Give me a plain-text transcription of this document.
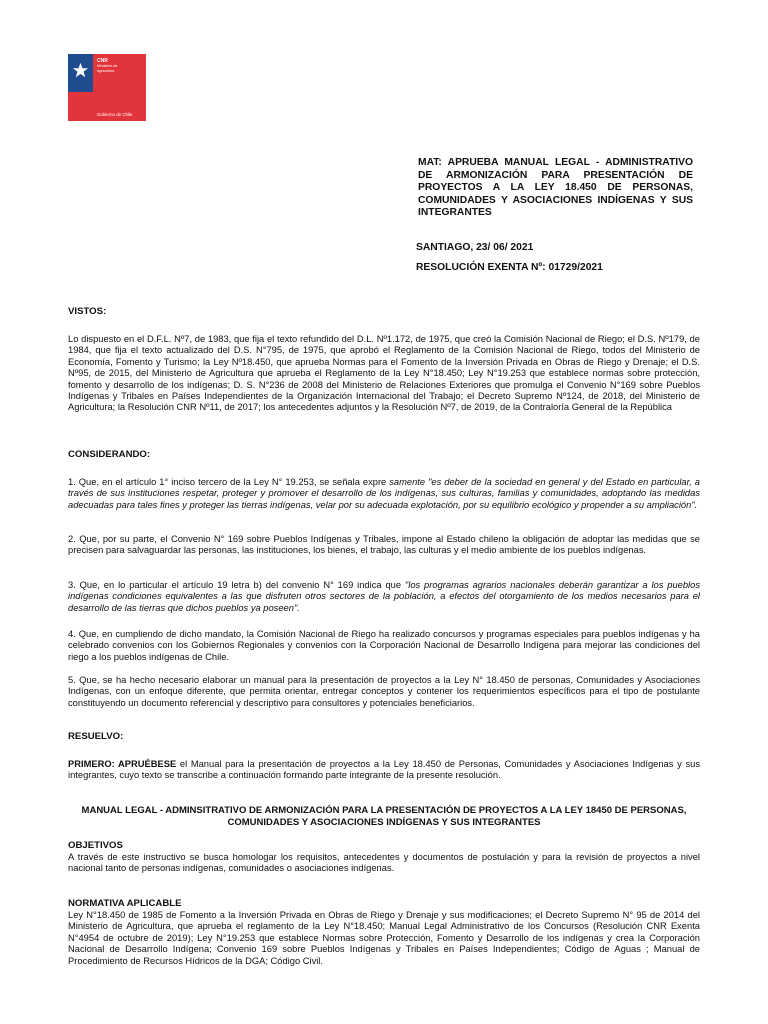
CNR
Ministerio de Agricultura
Gobierno de Chile
MAT: APRUEBA MANUAL LEGAL - ADMINISTRATIVO DE ARMONIZACIÓN PARA PRESENTACIÓN DE PROYECTOS A LA LEY 18.450 DE PERSONAS, COMUNIDADES Y ASOCIACIONES INDÍGENAS Y SUS INTEGRANTES
SANTIAGO, 23/ 06/ 2021
RESOLUCIÓN EXENTA Nº: 01729/2021
VISTOS:
Lo dispuesto en el D.F.L. Nº7, de 1983, que fija el texto refundido del D.L. Nº1.172, de 1975, que creó la Comisión Nacional de Riego; el D.S. Nº179, de 1984, que fija el texto actualizado del D.S. N°795, de 1975, que aprobó el Reglamento de la Comisión Nacional de Riego, todos del Ministerio de Economía, Fomento y Turismo; la Ley Nº18.450, que aprueba Normas para el Fomento de la Inversión Privada en Obras de Riego y Drenaje; el D.S. Nº95, de 2015, del Ministerio de Agricultura que aprueba el Reglamento de la Ley N°18.450; Ley N°19.253 que establece normas sobre protección, fomento y desarrollo de los indígenas; D. S. N°236 de 2008 del Ministerio de Relaciones Exteriores que promulga el Convenio N°169 sobre Pueblos Indígenas y Tribales en Países Independientes de la Organización Internacional del Trabajo; el Decreto Supremo Nº124, de 2018, del Ministerio de Agricultura; la Resolución CNR Nº11, de 2017; los antecedentes adjuntos y la Resolución Nº7, de 2019, de la Contraloría General de la República
CONSIDERANDO:
1. Que, en el artículo 1° inciso tercero de la Ley N° 19.253, se señala expre samente "es deber de la sociedad en general y del Estado en particular, a través de sus instituciones respetar, proteger y promover el desarrollo de los indígenas, sus culturas, familias y comunidades, adoptando las medidas adecuadas para tales fines y proteger las tierras indígenas, velar por su adecuada explotación, por su equilibrio ecológico y propender a su ampliación".
2. Que, por su parte, el Convenio N° 169 sobre Pueblos Indígenas y Tribales, impone al Estado chileno la obligación de adoptar las medidas que se precisen para salvaguardar las personas, las instituciones, los bienes, el trabajo, las culturas y el medio ambiente de los pueblos indígenas.
3. Que, en lo particular el artículo 19 letra b) del convenio N° 169 indica que "los programas agrarios nacionales deberán garantizar a los pueblos indígenas condiciones equivalentes a las que disfruten otros sectores de la población, a efectos del otorgamiento de los medios necesarios para el desarrollo de las tierras que dichos pueblos ya poseen".
4. Que, en cumpliendo de dicho mandato, la Comisión Nacional de Riego ha realizado concursos y programas especiales para pueblos indígenas y ha celebrado convenios con los Gobiernos Regionales y convenios con la Corporación Nacional de Desarrollo Indígena para mejorar las condiciones del riego a los pueblos indígenas de Chile.
5. Que, se ha hecho necesario elaborar un manual para la presentación de proyectos a la Ley N° 18.450 de personas, Comunidades y Asociaciones Indígenas, con un enfoque diferente, que permita orientar, entregar conceptos y contener los requerimientos específicos para el tipo de postulante constituyendo un documento referencial y descriptivo para consultores y potenciales beneficiarios.
RESUELVO:
PRIMERO: APRUÉBESE el Manual para la presentación de proyectos a la Ley 18.450 de Personas, Comunidades y Asociaciones Indígenas y sus integrantes, cuyo texto se transcribe a continuación formando parte integrante de la presente resolución.
MANUAL LEGAL - ADMINSITRATIVO DE ARMONIZACIÓN PARA LA PRESENTACIÓN DE PROYECTOS A LA LEY 18450 DE PERSONAS, COMUNIDADES Y ASOCIACIONES INDÍGENAS Y SUS INTEGRANTES
OBJETIVOS
A través de este instructivo se busca homologar los requisitos, antecedentes y documentos de postulación y para la revisión de proyectos a nivel nacional tanto de personas indígenas, comunidades o asociaciones indígenas.
NORMATIVA APLICABLE
Ley N°18.450 de 1985 de Fomento a la Inversión Privada en Obras de Riego y Drenaje y sus modificaciones; el Decreto Supremo N° 95 de 2014 del Ministerio de Agricultura, que aprueba el reglamento de la Ley N°18.450; Manual Legal Administrativo de los Concursos (Resolución CNR Exenta N°4954 de octubre de 2019); Ley N°19.253 que establece Normas sobre Protección, Fomento y Desarrollo de los indígenas y crea la Corporación Nacional de Desarrollo Indígena; Convenio 169 sobre Pueblos Indígenas y Tribales en Países Independientes; Código de Aguas ; Manual de Procedimiento de Recursos Hídricos de la DGA; Código Civil.
